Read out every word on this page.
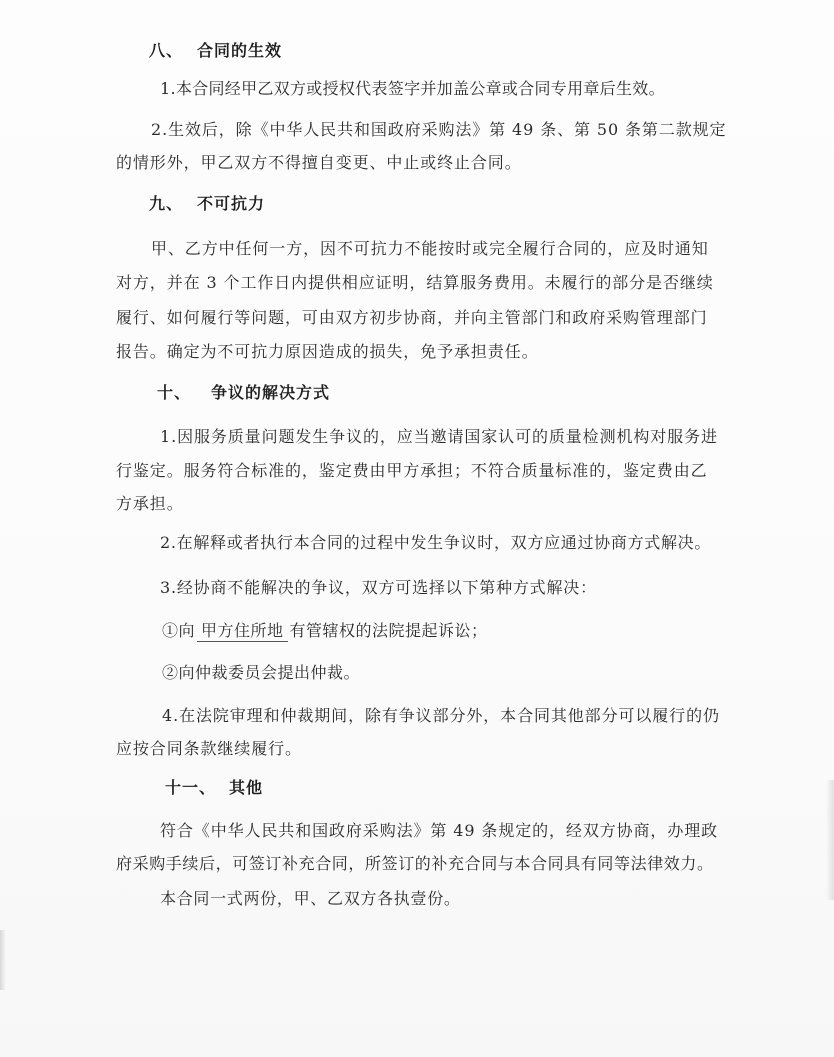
八、 合同的生效
1.本合同经甲乙双方或授权代表签字并加盖公章或合同专用章后生效。
2.生效后，除《中华人民共和国政府采购法》第 49 条、第 50 条第二款规定
的情形外，甲乙双方不得擅自变更、中止或终止合同。
九、 不可抗力
甲、乙方中任何一方，因不可抗力不能按时或完全履行合同的，应及时通知
对方，并在 3 个工作日内提供相应证明，结算服务费用。未履行的部分是否继续
履行、如何履行等问题，可由双方初步协商，并向主管部门和政府采购管理部门
报告。确定为不可抗力原因造成的损失，免予承担责任。
十、 争议的解决方式
1.因服务质量问题发生争议的，应当邀请国家认可的质量检测机构对服务进
行鉴定。服务符合标准的，鉴定费由甲方承担；不符合质量标准的，鉴定费由乙
方承担。
2.在解释或者执行本合同的过程中发生争议时，双方应通过协商方式解决。
3.经协商不能解决的争议，双方可选择以下第种方式解决：
①向 甲方住所地 有管辖权的法院提起诉讼；
②向仲裁委员会提出仲裁。
4.在法院审理和仲裁期间，除有争议部分外，本合同其他部分可以履行的仍
应按合同条款继续履行。
十一、 其他
符合《中华人民共和国政府采购法》第 49 条规定的，经双方协商，办理政
府采购手续后，可签订补充合同，所签订的补充合同与本合同具有同等法律效力。
本合同一式两份，甲、乙双方各执壹份。
